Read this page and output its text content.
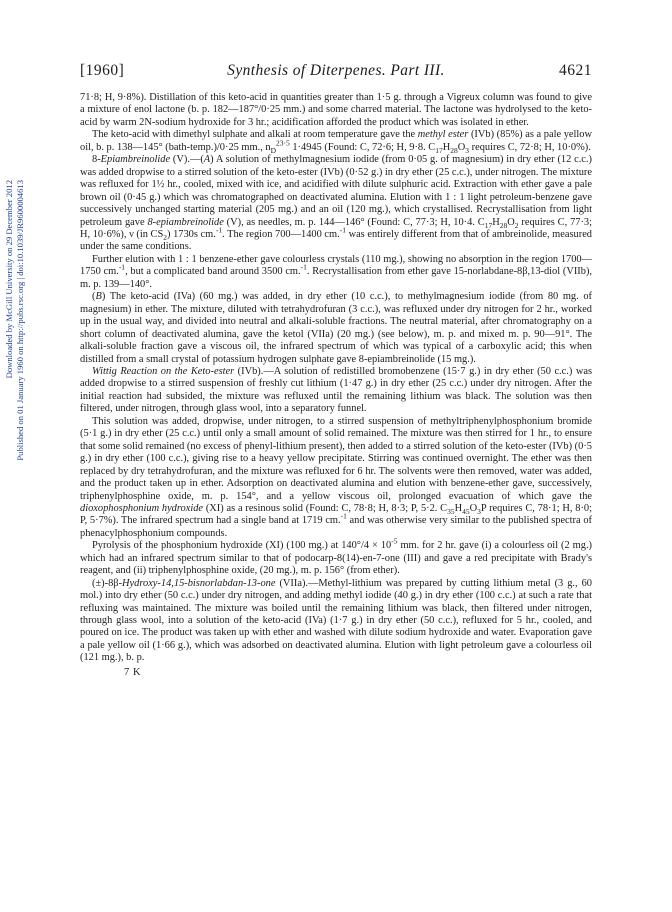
Downloaded by McGill University on 29 December 2012 Published on 01 January 1960 on http://pubs.rsc.org | doi:10.1039/JR9600004613
Synthesis of Diterpenes. Part III.
[1960]	4621

71·8; H, 9·8%). Distillation of this keto-acid in quantities greater than 1·5 g. through a Vigreux column was found to give a mixture of enol lactone (b. p. 182—187°/0·25 mm.) and some charred material. The lactone was hydrolysed to the keto-acid by warm 2N-sodium hydroxide for 3 hr.; acidification afforded the product which was isolated in ether.

The keto-acid with dimethyl sulphate and alkali at room temperature gave the methyl ester (IVb) (85%) as a pale yellow oil, b. p. 138—145° (bath-temp.)/0·25 mm., $n_D^{23\cdot 5}$ 1·4945 (Found: C, 72·6; H, 9·8. $C_{17}H_{28}O_3$ requires C, 72·8; H, 10·0%).

8-Epiambreinolide (V).—(A) A solution of methylmagnesium iodide (from 0·05 g. of magnesium) in dry ether (12 c.c.) was added dropwise to a stirred solution of the keto-ester (IVb) (0·52 g.) in dry ether (25 c.c.), under nitrogen. The mixture was refluxed for 1½ hr., cooled, mixed with ice, and acidified with dilute sulphuric acid. Extraction with ether gave a pale brown oil (0·45 g.) which was chromatographed on deactivated alumina. Elution with 1 : 1 light petroleum-benzene gave successively unchanged starting material (205 mg.) and an oil (120 mg.), which crystallised. Recrystallisation from light petroleum gave 8-epiambreinolide (V), as needles, m. p. 144—146° (Found: C, 77·3; H, 10·4. $C_{17}H_{28}O_2$ requires C, 77·3; H, 10·6%), ν (in $CS_2$) 1730s cm.$^{-1}$. The region 700—1400 cm.$^{-1}$ was entirely different from that of ambreinolide, measured under the same conditions.

Further elution with 1 : 1 benzene-ether gave colourless crystals (110 mg.), showing no absorption in the region 1700—1750 cm.$^{-1}$, but a complicated band around 3500 cm.$^{-1}$. Recrystallisation from ether gave 15-norlabdane-8β,13-diol (VIIb), m. p. 139—140°.

(B) The keto-acid (IVa) (60 mg.) was added, in dry ether (10 c.c.), to methylmagnesium iodide (from 80 mg. of magnesium) in ether. The mixture, diluted with tetrahydrofuran (3 c.c.), was refluxed under dry nitrogen for 2 hr., worked up in the usual way, and divided into neutral and alkali-soluble fractions. The neutral material, after chromatography on a short column of deactivated alumina, gave the ketol (VIIa) (20 mg.) (see below), m. p. and mixed m. p. 90—91°. The alkali-soluble fraction gave a viscous oil, the infrared spectrum of which was typical of a carboxylic acid; this when distilled from a small crystal of potassium hydrogen sulphate gave 8-epiambreinolide (15 mg.).

Wittig Reaction on the Keto-ester (IVb).—A solution of redistilled bromobenzene (15·7 g.) in dry ether (50 c.c.) was added dropwise to a stirred suspension of freshly cut lithium (1·47 g.) in dry ether (25 c.c.) under dry nitrogen. After the initial reaction had subsided, the mixture was refluxed until the remaining lithium was black. The solution was then filtered, under nitrogen, through glass wool, into a separatory funnel.

This solution was added, dropwise, under nitrogen, to a stirred suspension of methyltriphenylphosphonium bromide (5·1 g.) in dry ether (25 c.c.) until only a small amount of solid remained. The mixture was then stirred for 1 hr., to ensure that some solid remained (no excess of phenyl-lithium present), then added to a stirred solution of the keto-ester (IVb) (0·5 g.) in dry ether (100 c.c.), giving rise to a heavy yellow precipitate. Stirring was continued overnight. The ether was then replaced by dry tetrahydrofuran, and the mixture was refluxed for 6 hr. The solvents were then removed, water was added, and the product taken up in ether. Adsorption on deactivated alumina and elution with benzene-ether gave, successively, triphenylphosphine oxide, m. p. 154°, and a yellow viscous oil, prolonged evacuation of which gave the dioxophosphonium hydroxide (XI) as a resinous solid (Found: C, 78·8; H, 8·3; P, 5·2. $C_{35}H_{45}O_3P$ requires C, 78·1; H, 8·0; P, 5·7%). The infrared spectrum had a single band at 1719 cm.$^{-1}$ and was otherwise very similar to the published spectra of phenacylphosphonium compounds.

Pyrolysis of the phosphonium hydroxide (XI) (100 mg.) at $140^\circ/4 \times 10^{-5}$ mm. for 2 hr. gave (i) a colourless oil (2 mg.) which had an infrared spectrum similar to that of podocarp-8(14)-en-7-one (III) and gave a red precipitate with Brady's reagent, and (ii) triphenylphosphine oxide, (20 mg.), m. p. 156° (from ether).

(±)-8β-Hydroxy-14,15-bisnorlabdan-13-one (VIIa).—Methyl-lithium was prepared by cutting lithium metal (3 g., 60 mol.) into dry ether (50 c.c.) under dry nitrogen, and adding methyl iodide (40 g.) in dry ether (100 c.c.) at such a rate that refluxing was maintained. The mixture was boiled until the remaining lithium was black, then filtered under nitrogen, through glass wool, into a solution of the keto-acid (IVa) (1·7 g.) in dry ether (50 c.c.), refluxed for 5 hr., cooled, and poured on ice. The product was taken up with ether and washed with dilute sodium hydroxide and water. Evaporation gave a pale yellow oil (1·66 g.), which was adsorbed on deactivated alumina. Elution with light petroleum gave a colourless oil (121 mg.), b. p.

7 K
